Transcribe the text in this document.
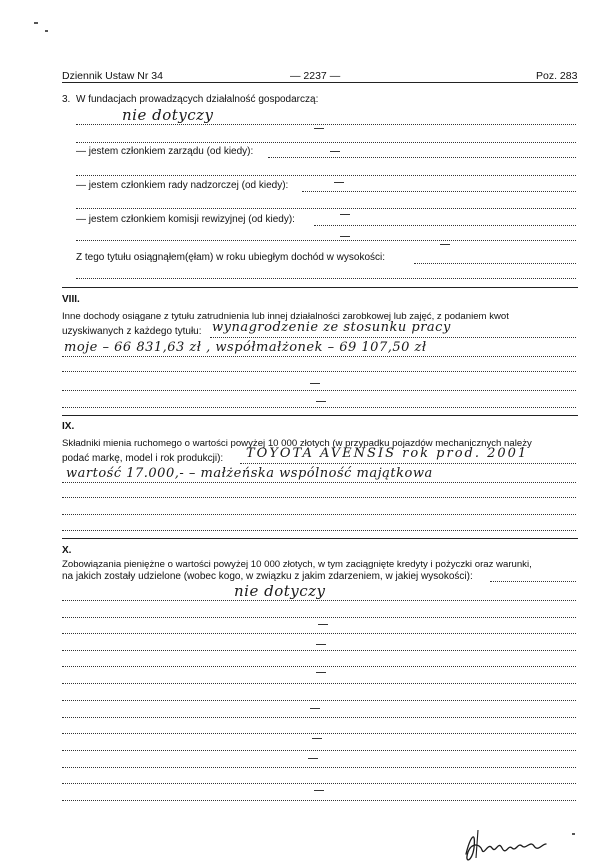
Dziennik Ustaw Nr 34	— 2237 —	Poz. 283
3. W fundacjach prowadzących działalność gospodarczą:
nie dotyczy
— jestem członkiem zarządu (od kiedy):
— jestem członkiem rady nadzorczej (od kiedy):
— jestem członkiem komisji rewizyjnej (od kiedy):
Z tego tytułu osiągnąłem(ęłam) w roku ubiegłym dochód w wysokości:
VIII.
Inne dochody osiągane z tytułu zatrudnienia lub innej działalności zarobkowej lub zajęć, z podaniem kwot
uzyskiwanych z każdego tytułu: wynagrodzenie ze stosunku pracy
moje – 66 831,63 zł , współmałżonek – 69 107,50 zł
IX.
Składniki mienia ruchomego o wartości powyżej 10 000 złotych (w przypadku pojazdów mechanicznych należy
podać markę, model i rok produkcji): TOYOTA AVENSIS rok prod. 2001
wartość 17.000,- – małżeńska wspólność majątkowa
X.
Zobowiązania pieniężne o wartości powyżej 10 000 złotych, w tym zaciągnięte kredyty i pożyczki oraz warunki,
na jakich zostały udzielone (wobec kogo, w związku z jakim zdarzeniem, w jakiej wysokości):
nie dotyczy
